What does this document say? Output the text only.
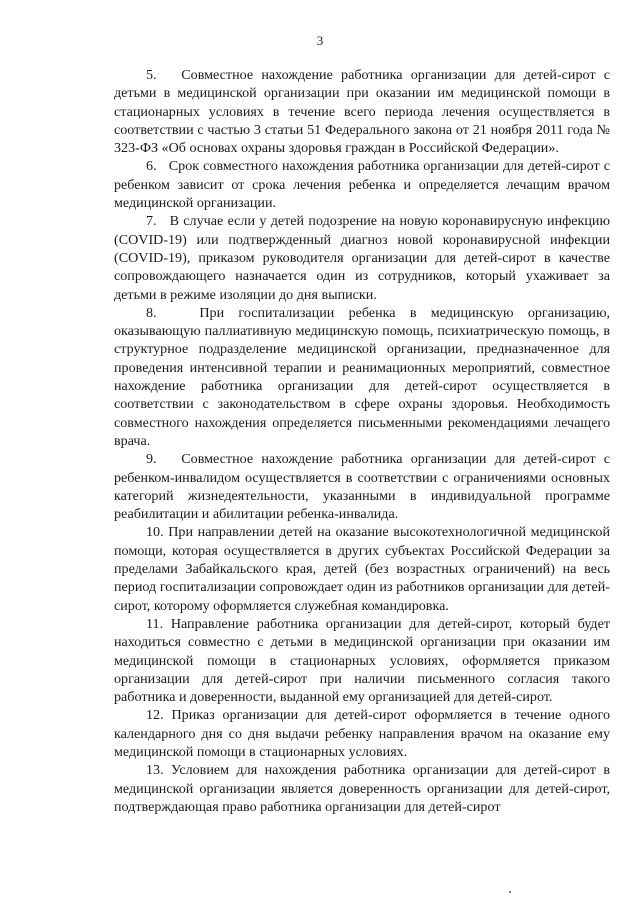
3

5.   Совместное нахождение работника организации для детей-сирот с детьми в медицинской организации при оказании им медицинской помощи в стационарных условиях в течение всего периода лечения осуществляется в соответствии с частью 3 статьи 51 Федерального закона от 21 ноября 2011 года № 323-ФЗ «Об основах охраны здоровья граждан в Российской Федерации».

6.   Срок совместного нахождения работника организации для детей-сирот с ребенком зависит от срока лечения ребенка и определяется лечащим врачом медицинской организации.

7.   В случае если у детей подозрение на новую коронавирусную инфекцию (COVID-19) или подтвержденный диагноз новой коронавирусной инфекции (COVID-19), приказом руководителя организации для детей-сирот в качестве сопровождающего назначается один из сотрудников, который ухаживает за детьми в режиме изоляции до дня выписки.

8.   При госпитализации ребенка в медицинскую организацию, оказывающую паллиативную медицинскую помощь, психиатрическую помощь, в структурное подразделение медицинской организации, предназначенное для проведения интенсивной терапии и реанимационных мероприятий, совместное нахождение работника организации для детей-сирот осуществляется в соответствии с законодательством в сфере охраны здоровья. Необходимость совместного нахождения определяется письменными рекомендациями лечащего врача.

9.   Совместное нахождение работника организации для детей-сирот с ребенком-инвалидом осуществляется в соответствии с ограничениями основных категорий жизнедеятельности, указанными в индивидуальной программе реабилитации и абилитации ребенка-инвалида.

10. При направлении детей на оказание высокотехнологичной медицинской помощи, которая осуществляется в других субъектах Российской Федерации за пределами Забайкальского края, детей (без возрастных ограничений) на весь период госпитализации сопровождает один из работников организации для детей-сирот, которому оформляется служебная командировка.

11. Направление работника организации для детей-сирот, который будет находиться совместно с детьми в медицинской организации при оказании им медицинской помощи в стационарных условиях, оформляется приказом организации для детей-сирот при наличии письменного согласия такого работника и доверенности, выданной ему организацией для детей-сирот.

12. Приказ организации для детей-сирот оформляется в течение одного календарного дня со дня выдачи ребенку направления врачом на оказание ему медицинской помощи в стационарных условиях.

13. Условием для нахождения работника организации для детей-сирот в медицинской организации является доверенность организации для детей-сирот, подтверждающая право работника организации для детей-сирот
